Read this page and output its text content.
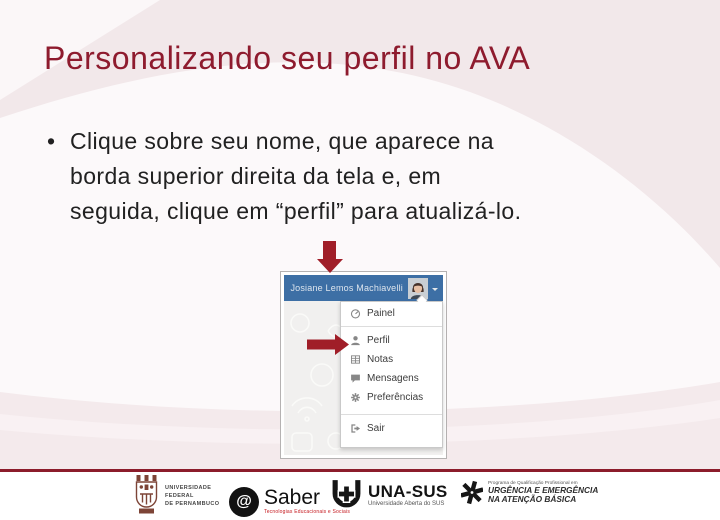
Personalizando seu perfil no AVA
• Clique sobre seu nome, que aparece na
borda superior direita da tela e, em
seguida, clique em “perfil” para atualizá-lo.
Josiane Lemos Machiavelli
Painel
Perfil
Notas
Mensagens
Preferências
Sair
UNIVERSIDADE
FEDERAL
DE PERNAMBUCO @ Saber
Tecnologias Educacionais e Sociais
UNA-SUS
Universidade Aberta do SUS
Programa de Qualificação Profissional em
URGÊNCIA E EMERGÊNCIA
NA ATENÇÃO BÁSICA
